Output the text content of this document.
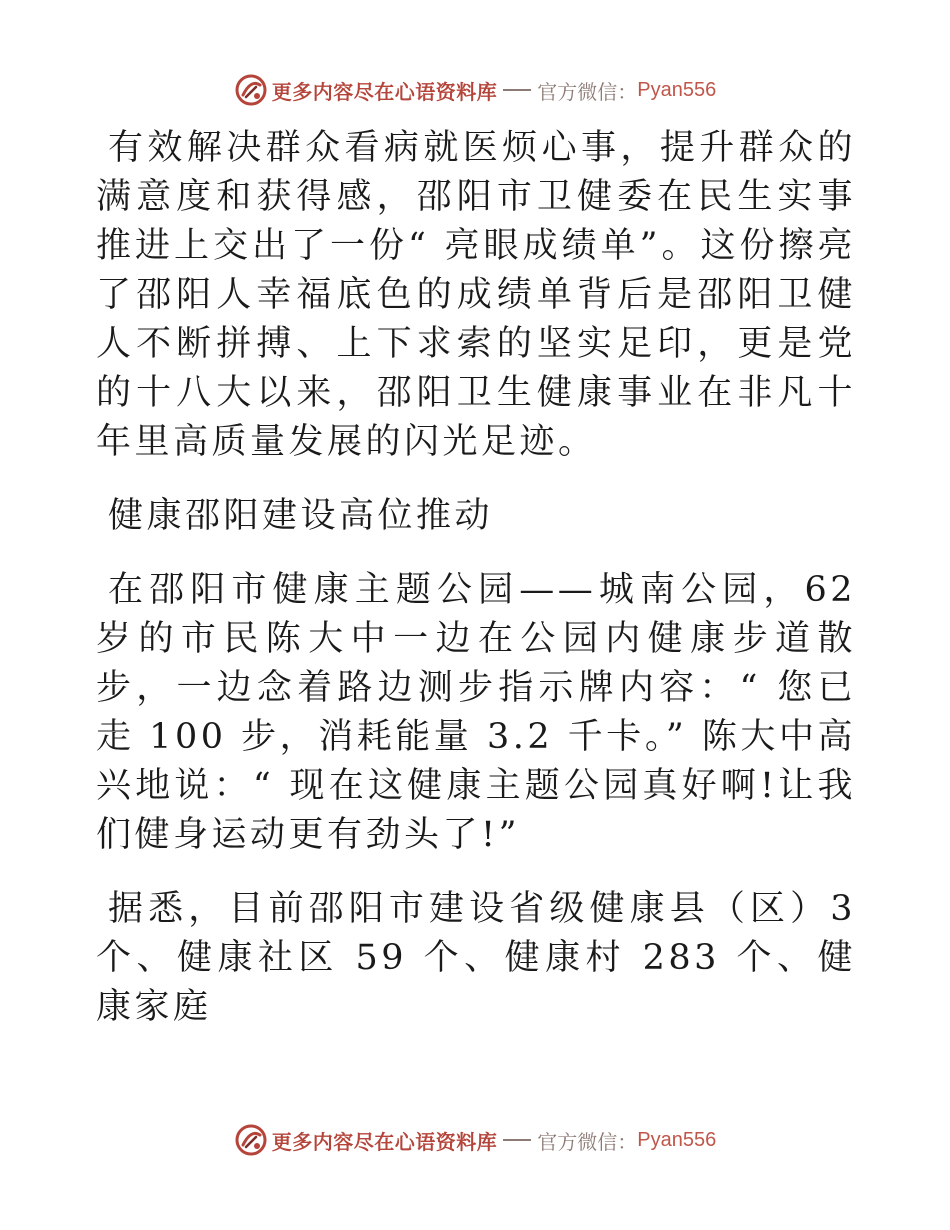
更多内容尽在心语资料库 官方微信： Pyan556

有效解决群众看病就医烦心事，提升群众的满意度和获得感，邵阳市卫健委在民生实事推进上交出了一份“ 亮眼成绩单”。这份擦亮了邵阳人幸福底色的成绩单背后是邵阳卫健人不断拼搏、上下求索的坚实足印，更是党的十八大以来，邵阳卫生健康事业在非凡十年里高质量发展的闪光足迹。

健康邵阳建设高位推动

在邵阳市健康主题公园——城南公园，62 岁的市民陈大中一边在公园内健康步道散步，一边念着路边测步指示牌内容：“ 您已走 100 步，消耗能量 3.2 千卡。” 陈大中高兴地说：“ 现在这健康主题公园真好啊!让我们健身运动更有劲头了!”

据悉，目前邵阳市建设省级健康县（区）3 个、健康社区 59 个、健康村 283 个、健康家庭

更多内容尽在心语资料库 官方微信： Pyan556
